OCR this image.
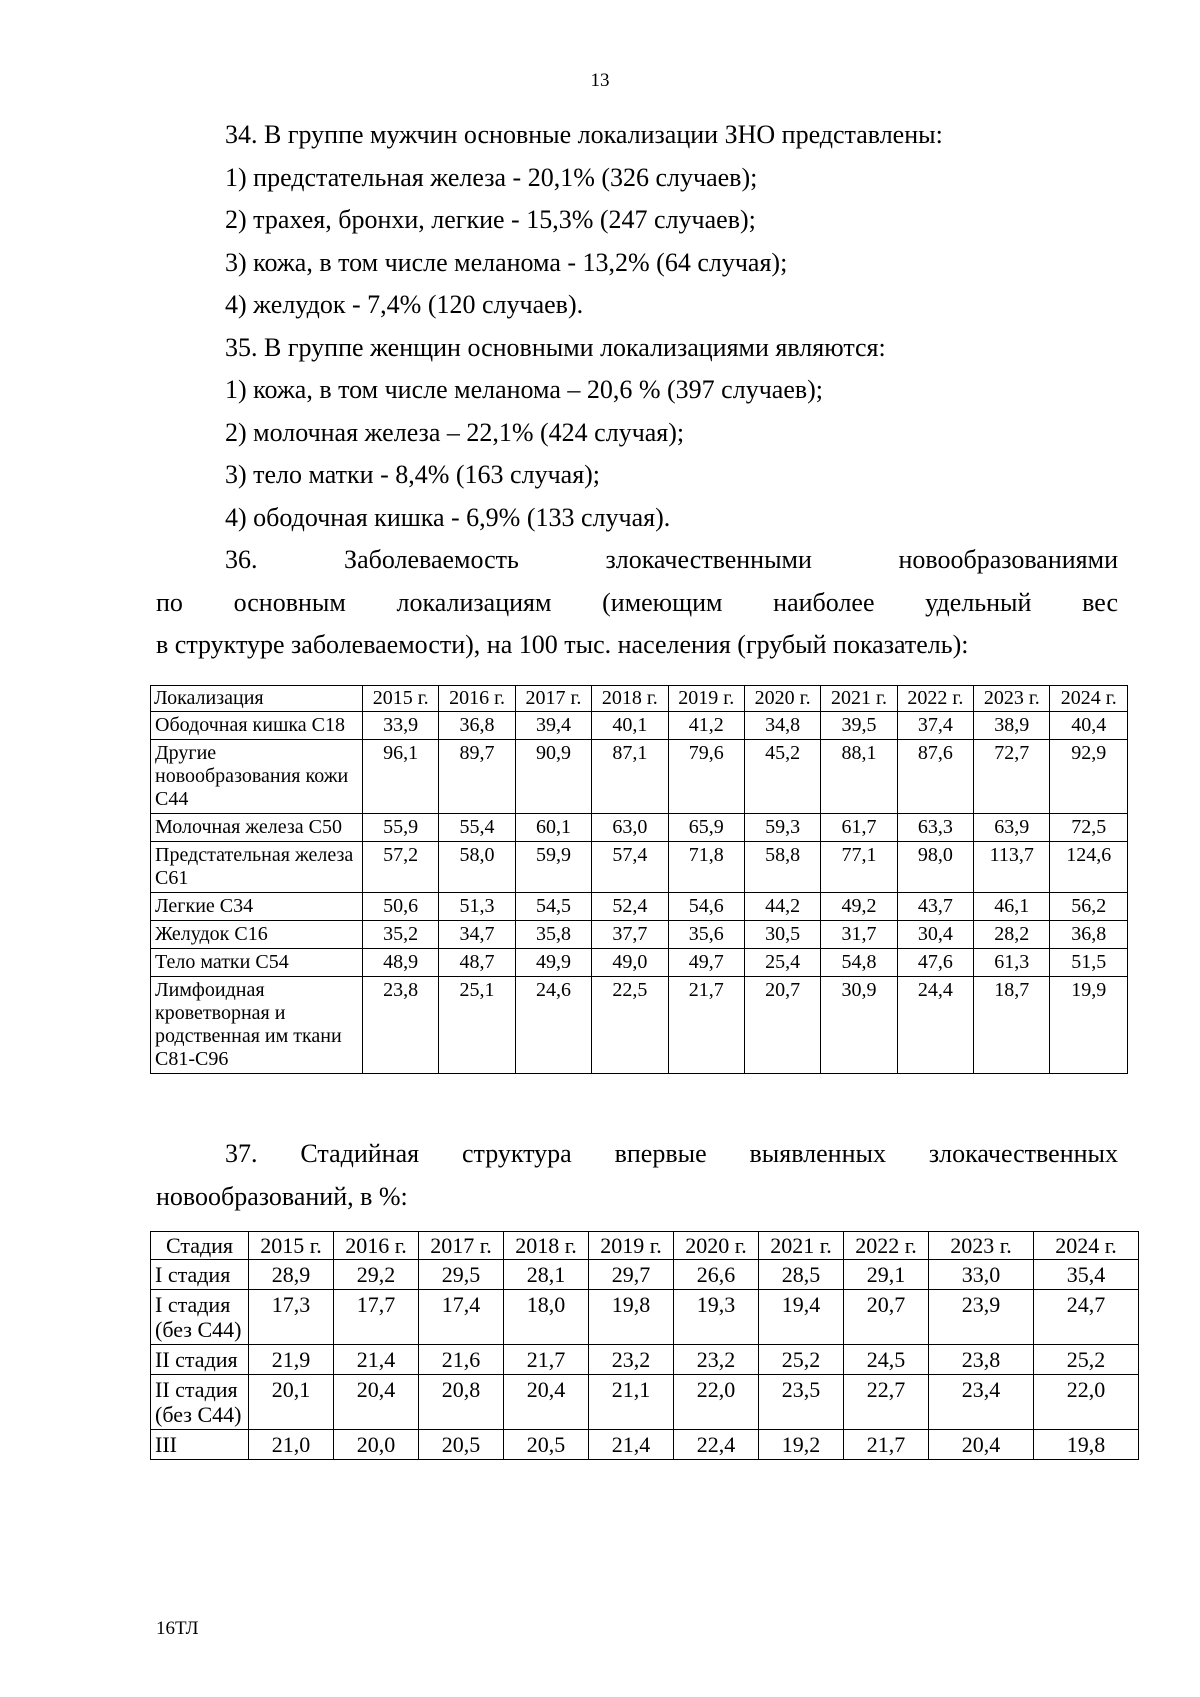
13

34. В группе мужчин основные локализации ЗНО представлены:

1) предстательная железа - 20,1% (326 случаев);

2) трахея, бронхи, легкие - 15,3% (247 случаев);

3) кожа, в том числе меланома - 13,2% (64 случая);

4) желудок - 7,4% (120 случаев).

35. В группе женщин основными локализациями являются:

1) кожа, в том числе меланома – 20,6 % (397 случаев);

2) молочная железа – 22,1% (424 случая);

3) тело матки - 8,4% (163 случая);

4) ободочная кишка - 6,9% (133 случая).

36. Заболеваемость злокачественными новообразованиями

по основным локализациям (имеющим наиболее удельный вес

в структуре заболеваемости), на 100 тыс. населения (грубый показатель):

Локализация	2015 г.	2016 г.	2017 г.	2018 г.	2019 г.	2020 г.	2021 г.	2022 г.	2023 г.	2024 г.
Ободочная кишка С18	33,9	36,8	39,4	40,1	41,2	34,8	39,5	37,4	38,9	40,4
Другие новообразования кожи С44	96,1	89,7	90,9	87,1	79,6	45,2	88,1	87,6	72,7	92,9
Молочная железа С50	55,9	55,4	60,1	63,0	65,9	59,3	61,7	63,3	63,9	72,5
Предстательная железа С61	57,2	58,0	59,9	57,4	71,8	58,8	77,1	98,0	113,7	124,6
Легкие С34	50,6	51,3	54,5	52,4	54,6	44,2	49,2	43,7	46,1	56,2
Желудок С16	35,2	34,7	35,8	37,7	35,6	30,5	31,7	30,4	28,2	36,8
Тело матки С54	48,9	48,7	49,9	49,0	49,7	25,4	54,8	47,6	61,3	51,5
Лимфоидная кроветворная и родственная им ткани С81-С96	23,8	25,1	24,6	22,5	21,7	20,7	30,9	24,4	18,7	19,9

37. Стадийная структура впервые выявленных злокачественных

новообразований, в %:

Стадия	2015 г.	2016 г.	2017 г.	2018 г.	2019 г.	2020 г.	2021 г.	2022 г.	2023 г.	2024 г.
I стадия	28,9	29,2	29,5	28,1	29,7	26,6	28,5	29,1	33,0	35,4
I стадия (без С44)	17,3	17,7	17,4	18,0	19,8	19,3	19,4	20,7	23,9	24,7
II стадия	21,9	21,4	21,6	21,7	23,2	23,2	25,2	24,5	23,8	25,2
II стадия (без С44)	20,1	20,4	20,8	20,4	21,1	22,0	23,5	22,7	23,4	22,0
III	21,0	20,0	20,5	20,5	21,4	22,4	19,2	21,7	20,4	19,8
16ТЛ
